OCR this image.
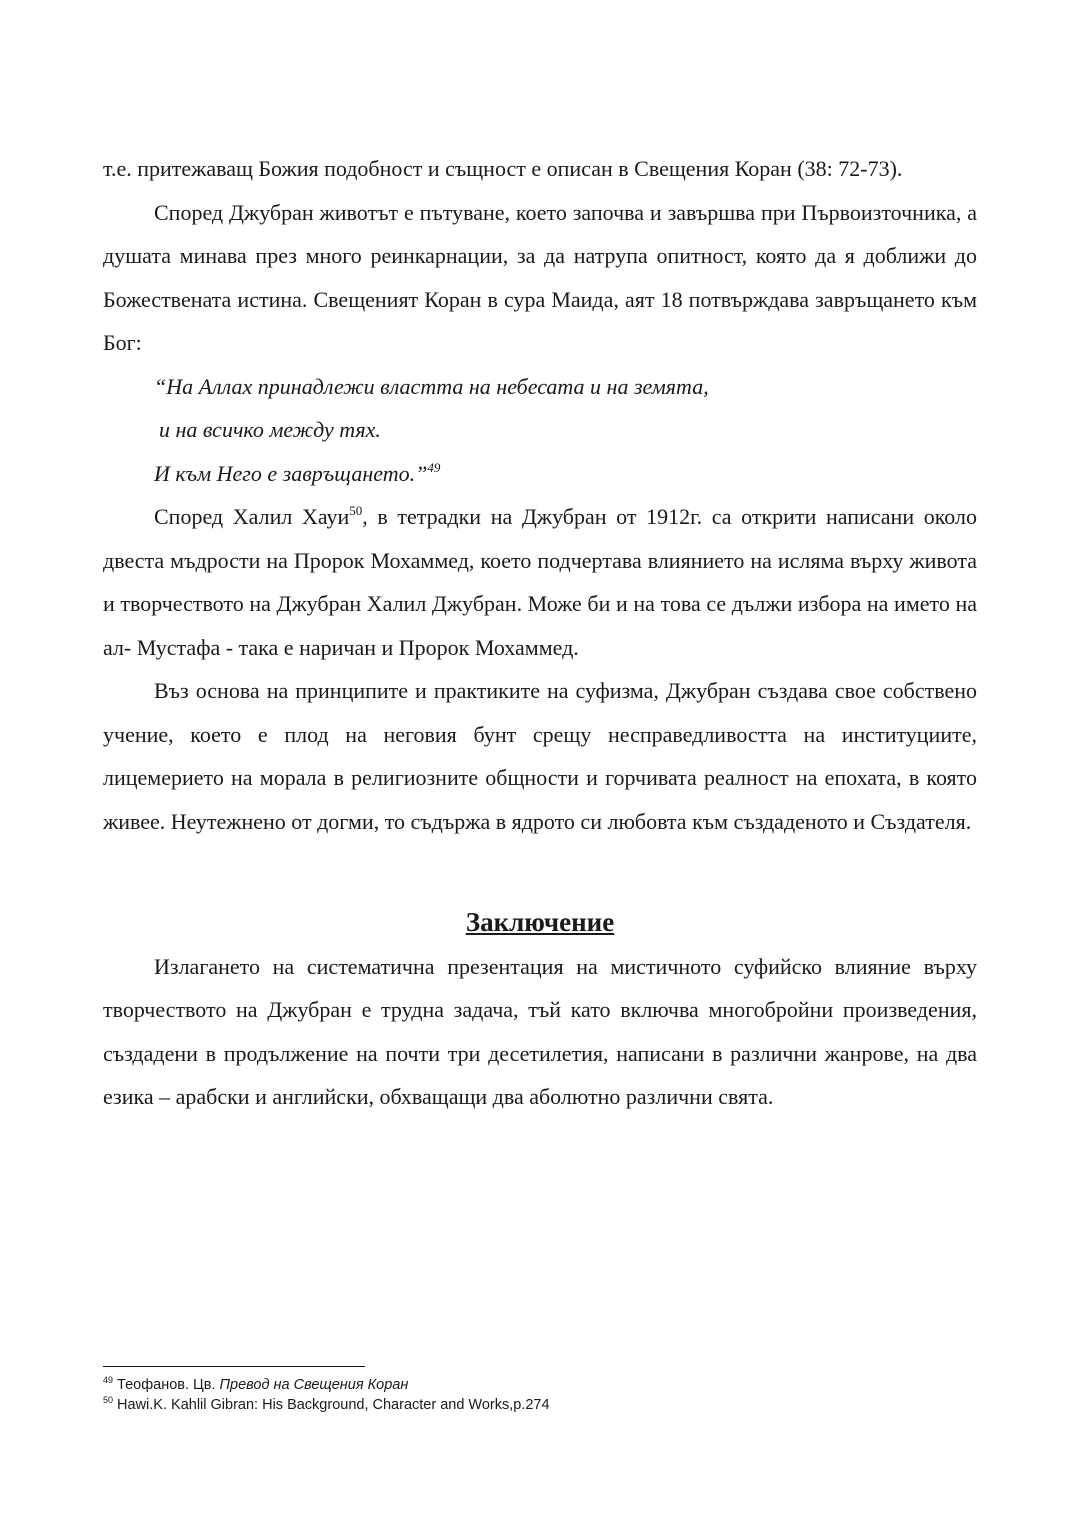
т.е. притежаващ Божия подобност и същност е описан в Свещения Коран (38: 72-73).

Според Джубран животът е пътуване, което започва и завършва при Първоизточника, а душата минава през много реинкарнации, за да натрупа опитност, която да я доближи до Божествената истина. Свещеният Коран в сура Маида, аят 18 потвърждава завръщането към Бог:

“На Аллах принадлежи властта на небесата и на земята,
и на всичко между тях.
И към Него е завръщането.”$^{49}$

Според Халил Хауи$^{50}$, в тетрадки на Джубран от 1912г. са открити написани около двеста мъдрости на Пророк Мохаммед, което подчертава влиянието на исляма върху живота и творчеството на Джубран Халил Джубран. Може би и на това се дължи избора на името на ал- Мустафа - така е наричан и Пророк Мохаммед.

Въз основа на принципите и практиките на суфизма, Джубран създава свое собствено учение, което е плод на неговия бунт срещу несправедливостта на институциите, лицемерието на морала в религиозните общности и горчивата реалност на епохата, в която живее. Неутежнено от догми, то съдържа в ядрото си любовта към създаденото и Създателя.

Заключение

Излагането на систематична презентация на мистичното суфийско влияние върху творчеството на Джубран е трудна задача, тъй като включва многобройни произведения, създадени в продължение на почти три десетилетия, написани в различни жанрове, на два езика – арабски и английски, обхващащи два аболютно различни свята.

$^{49}$ Теофанов. Цв. Превод на Свещения Коран
$^{50}$ Hawi.K. Kahlil Gibran: His Background, Character and Works,p.274
